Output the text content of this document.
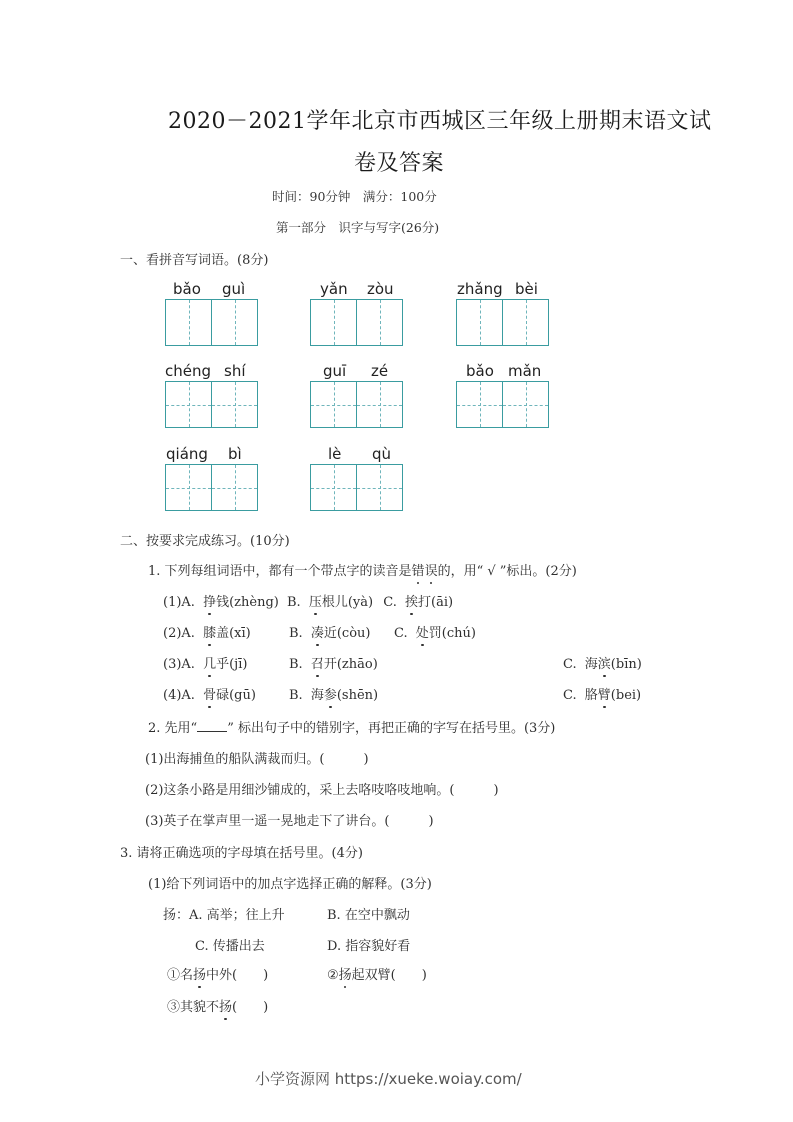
2020－2021学年北京市西城区三年级上册期末语文试
卷及答案
时间：90分钟　满分：100分
第一部分　识字与写字(26分)
一、看拼音写词语。(8分)
bǎo guì	yǎn zòu	zhǎng bèi
chéng shí	guī zé	bǎo mǎn
qiáng bì	lè qù
二、按要求完成练习。(10分)
1. 下列每组词语中，都有一个带点字的读音是错误的，用“ √ ”标出。(2分)
(1)A. 挣钱(zhèng) B. 压根儿(yà) C. 挨打(āi)
(2)A. 膝盖(xī)	B. 凑近(còu) C. 处罚(chú)
(3)A. 几乎(jī)	B. 召开(zhāo)	C. 海滨(bīn)
(4)A. 骨碌(gū)	B. 海参(shēn)	C. 胳臂(bei)
2. 先用“ ” 标出句子中的错别字，再把正确的字写在括号里。(3分)
(1)出海捕鱼的船队满裁而归。(　　　)
(2)这条小路是用细沙铺成的，采上去咯吱咯吱地响。(　　　)
(3)英子在掌声里一遥一晃地走下了讲台。(　　　)
3. 请将正确选项的字母填在括号里。(4分)
(1)给下列词语中的加点字选择正确的解释。(3分)
扬：A. 高举；往上升	B. 在空中飘动
C. 传播出去	D. 指容貌好看
①名扬中外(　　)	②扬起双臂(　　)
③其貌不扬(　　)
小学资源网 https://xueke.woiay.com/
